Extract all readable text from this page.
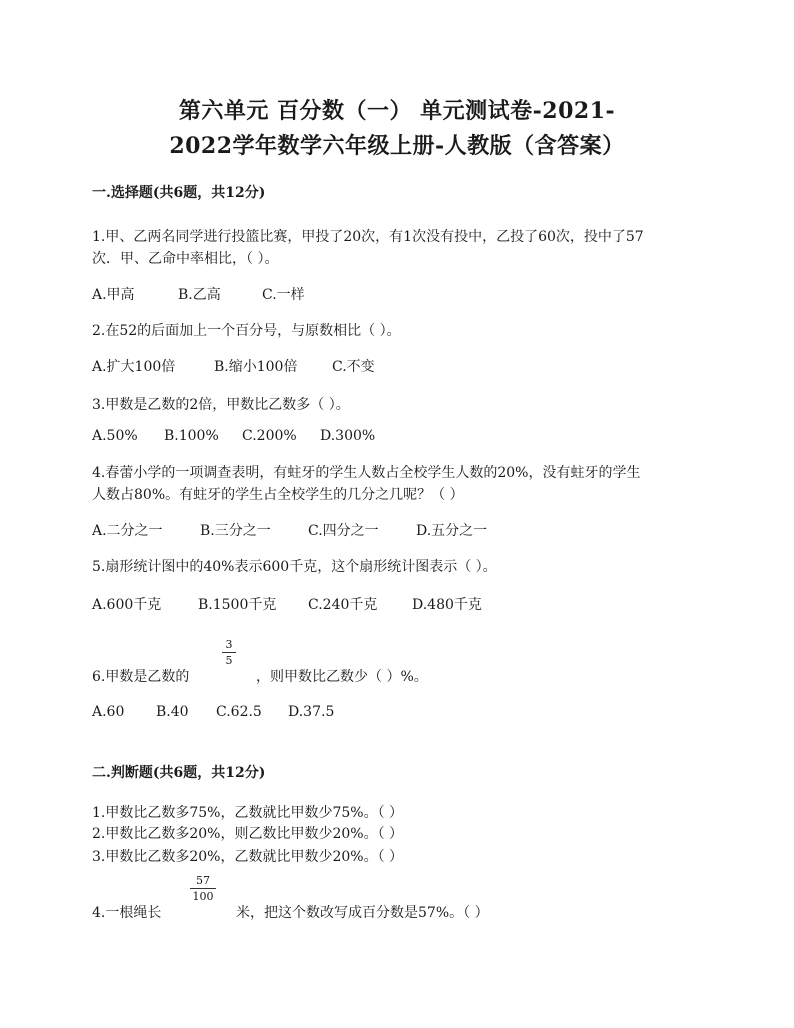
第六单元 百分数（一） 单元测试卷-2021-
2022学年数学六年级上册-人教版（含答案）
一.选择题(共6题，共12分)
1.甲、乙两名同学进行投篮比赛，甲投了20次，有1次没有投中，乙投了60次，投中了57
次．甲、乙命中率相比，（ ）。
A.甲高	B.乙高	C.一样
2.在52的后面加上一个百分号，与原数相比（ ）。
A.扩大100倍	B.缩小100倍 C.不变
3.甲数是乙数的2倍，甲数比乙数多（ ）。
A.50% B.100% C.200% D.300%
4.春蕾小学的一项调查表明，有蛀牙的学生人数占全校学生人数的20%，没有蛀牙的学生
人数占80%。有蛀牙的学生占全校学生的几分之几呢？（ ）
A.二分之一	B.三分之一	C.四分之一	D.五分之一
5.扇形统计图中的40%表示600千克，这个扇形统计图表示（ ）。
A.600千克	B.1500千克 C.240千克 D.480千克
6.甲数是乙数的
3
5
，则甲数比乙数少（ ）%。
A.60 B.40 C.62.5 D.37.5
二.判断题(共6题，共12分)
1.甲数比乙数多75%，乙数就比甲数少75%。（ ）
2.甲数比乙数多20%，则乙数比甲数少20%。（ ）
3.甲数比乙数多20%，乙数就比甲数少20%。（ ）
4.一根绳长
57
100
米，把这个数改写成百分数是57%。（ ）
